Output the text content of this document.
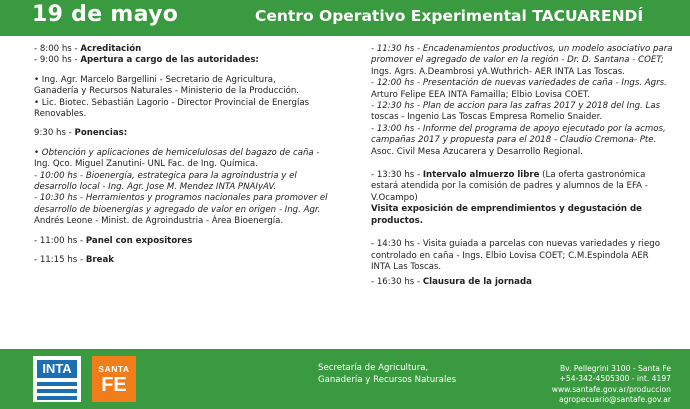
19 de mayo	Centro Operativo Experimental TACUARENDÍ
- 8:00 hs - Acreditación
- 9:00 hs - Apertura a cargo de las autoridades:
• Ing. Agr. Marcelo Bargellini - Secretario de Agricultura,
Ganadería y Recursos Naturales - Ministerio de la Producción.
• Lic. Biotec. Sebastián Lagorio - Director Provincial de Energías
Renovables.
9:30 hs - Ponencias:
• Obtención y aplicaciones de hemicelulosas del bagazo de caña -
Ing. Qco. Miguel Zanutini- UNL Fac. de Ing. Química.
- 10:00 hs - Bioenergía, estrategica para la agroindustria y el
desarrollo local - Ing. Agr. Jose M. Mendez INTA PNAIyAV.
- 10:30 hs - Herramientos y programos nacionales para promover el
desarrollo de bioenergías y agregado de valor en origen - Ing. Agr.
Andrés Leone - Minist. de Agroindustria - Área Bioenergía.
- 11:00 hs - Panel con expositores
- 11:15 hs - Break
- 11:30 hs - Encadenamientos productivos, un modelo asociativo para
promover el agregado de valor en la región - Dr. D. Santana - COET;
Ings. Agrs. A.Deambrosi yA.Wuthrich- AER INTA Las Toscas.
- 12:00 hs - Presentación de nuevas variedades de caña - Ings. Agrs.
Arturo Felipe EEA INTA Famailla; Elbio Lovisa COET.
- 12:30 hs - Plan de accion para las zafras 2017 y 2018 del Ing. Las
toscas - Ingenio Las Toscas Empresa Romelio Snaider.
- 13:00 hs - Informe del programa de apoyo ejecutado por la acmos,
campañas 2017 y propuesta para el 2018 - Claudio Cremona- Pte.
Asoc. Civil Mesa Azucarera y Desarrollo Regional.
- 13:30 hs - Intervalo almuerzo libre (La oferta gastronómica
estará atendida por la comisión de padres y alumnos de la EFA -
V.Ocampo)
Visita exposición de emprendimientos y degustación de
productos.
- 14:30 hs - Visita guiada a parcelas con nuevas variedades y riego
controlado en caña - Ings. Elbio Lovisa COET; C.M.Espindola AER
INTA Las Toscas.
- 16:30 hs - Clausura de la jornada
INTA	SANTA
FE
Secretaría de Agricultura,
Ganadería y Recursos Naturales
Bv. Pellegrini 3100 - Santa Fe
+54-342-4505300 - int. 4197
www.santafe.gov.ar/produccion
agropecuario@santafe.gov.ar
